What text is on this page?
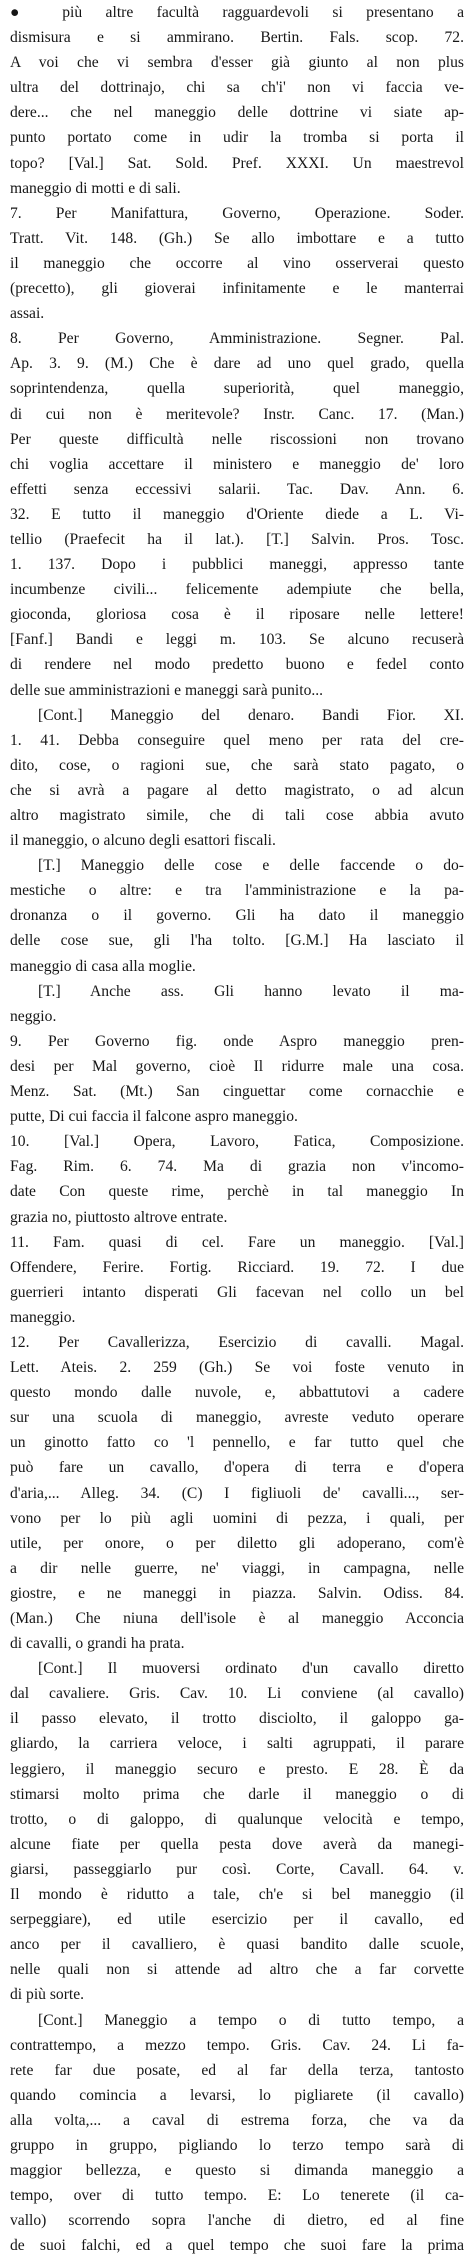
● più altre facultà ragguardevoli si presentano a
dismisura e si ammirano. Bertin. Fals. scop. 72.
A voi che vi sembra d'esser già giunto al non plus
ultra del dottrinajo, chi sa ch'i' non vi faccia ve-
dere... che nel maneggio delle dottrine vi siate ap-
punto portato come in udir la tromba si porta il
topo? [Val.] Sat. Sold. Pref. XXXI. Un maestrevol
maneggio di motti e di sali.

7. Per Manifattura, Governo, Operazione. Soder.
Tratt. Vit. 148. (Gh.) Se allo imbottare e a tutto
il maneggio che occorre al vino osserverai questo
(precetto), gli gioverai infinitamente e le manterrai
assai.

8. Per Governo, Amministrazione. Segner. Pal.
Ap. 3. 9. (M.) Che è dare ad uno quel grado, quella
soprintendenza, quella superiorità, quel maneggio,
di cui non è meritevole? Instr. Canc. 17. (Man.)
Per queste difficultà nelle riscossioni non trovano
chi voglia accettare il ministero e maneggio de' loro
effetti senza eccessivi salarii. Tac. Dav. Ann. 6.
32. E tutto il maneggio d'Oriente diede a L. Vi-
tellio (Praefecit ha il lat.). [T.] Salvin. Pros. Tosc.
1. 137. Dopo i pubblici maneggi, appresso tante
incumbenze civili... felicemente adempiute che bella,
gioconda, gloriosa cosa è il riposare nelle lettere!
[Fanf.] Bandi e leggi m. 103. Se alcuno recuserà
di rendere nel modo predetto buono e fedel conto
delle sue amministrazioni e maneggi sarà punito...

[Cont.] Maneggio del denaro. Bandi Fior. XI.
1. 41. Debba conseguire quel meno per rata del cre-
dito, cose, o ragioni sue, che sarà stato pagato, o
che si avrà a pagare al detto magistrato, o ad alcun
altro magistrato simile, che di tali cose abbia avuto
il maneggio, o alcuno degli esattori fiscali.

[T.] Maneggio delle cose e delle faccende o do-
mestiche o altre: e tra l'amministrazione e la pa-
dronanza o il governo. Gli ha dato il maneggio
delle cose sue, gli l'ha tolto. [G.M.] Ha lasciato il
maneggio di casa alla moglie.

[T.] Anche ass. Gli hanno levato il ma-
neggio.

9. Per Governo fig. onde Aspro maneggio pren-
desi per Mal governo, cioè Il ridurre male una cosa.
Menz. Sat. (Mt.) San cinguettar come cornacchie e
putte, Di cui faccia il falcone aspro maneggio.

10. [Val.] Opera, Lavoro, Fatica, Composizione.
Fag. Rim. 6. 74. Ma di grazia non v'incomo-
date Con queste rime, perchè in tal maneggio In
grazia no, piuttosto altrove entrate.

11. Fam. quasi di cel. Fare un maneggio. [Val.]
Offendere, Ferire. Fortig. Ricciard. 19. 72. I due
guerrieri intanto disperati Gli facevan nel collo un bel
maneggio.

12. Per Cavallerizza, Esercizio di cavalli. Magal.
Lett. Ateis. 2. 259 (Gh.) Se voi foste venuto in
questo mondo dalle nuvole, e, abbattutovi a cadere
sur una scuola di maneggio, avreste veduto operare
un ginotto fatto co 'l pennello, e far tutto quel che
può fare un cavallo, d'opera di terra e d'opera
d'aria,... Alleg. 34. (C) I figliuoli de' cavalli..., ser-
vono per lo più agli uomini di pezza, i quali, per
utile, per onore, o per diletto gli adoperano, com'è
a dir nelle guerre, ne' viaggi, in campagna, nelle
giostre, e ne maneggi in piazza. Salvin. Odiss. 84.
(Man.) Che niuna dell'isole è al maneggio Acconcia
di cavalli, o grandi ha prata.

[Cont.] Il muoversi ordinato d'un cavallo diretto
dal cavaliere. Gris. Cav. 10. Li conviene (al cavallo)
il passo elevato, il trotto disciolto, il galoppo ga-
gliardo, la carriera veloce, i salti agruppati, il parare
leggiero, il maneggio securo e presto. E 28. È da
stimarsi molto prima che darle il maneggio o di
trotto, o di galoppo, di qualunque velocità e tempo,
alcune fiate per quella pesta dove averà da manegi-
giarsi, passeggiarlo pur così. Corte, Cavall. 64. v.
Il mondo è ridutto a tale, ch'e si bel maneggio (il
serpeggiare), ed utile esercizio per il cavallo, ed
anco per il cavalliero, è quasi bandito dalle scuole,
nelle quali non si attende ad altro che a far corvette
di più sorte.

[Cont.] Maneggio a tempo o di tutto tempo, a
contrattempo, a mezzo tempo. Gris. Cav. 24. Li fa-
rete far due posate, ed al far della terza, tantosto
quando comincia a levarsi, lo pigliarete (il cavallo)
alla volta,... a caval di estrema forza, che va da
gruppo in gruppo, pigliando lo terzo tempo sarà di
maggior bellezza, e questo si dimanda maneggio a
tempo, over di tutto tempo. E: Lo tenerete (il ca-
vallo) scorrendo sopra l'anche di dietro, ed al fine
de suoi falchi, ed a quel tempo che suoi fare la prima
